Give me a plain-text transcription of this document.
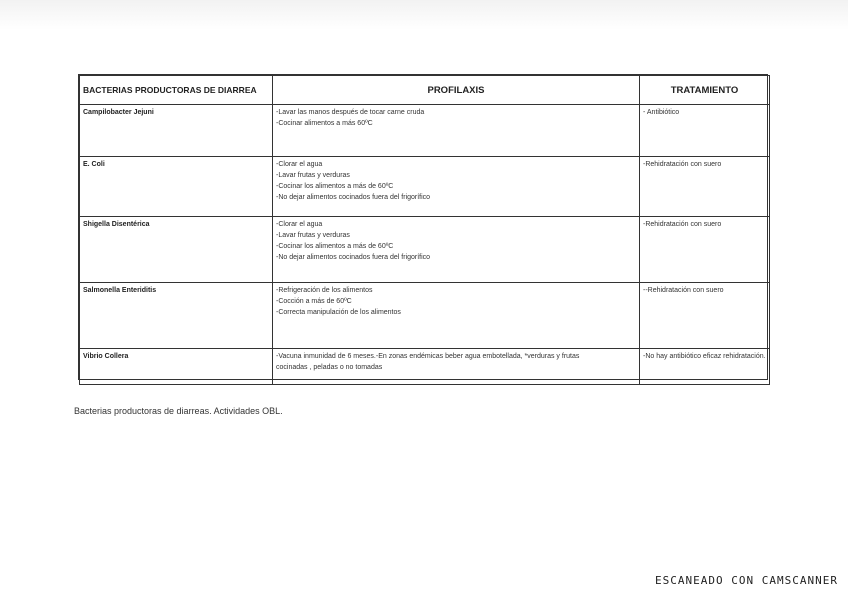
BACTERIAS PRODUCTORAS DE DIARREA	PROFILAXIS	TRATAMIENTO
Campilobacter Jejuni	-Lavar las manos después de tocar carne cruda
-Cocinar alimentos a más 60ºC	- Antibiótico
E. Coli	-Clorar el agua
-Lavar frutas y verduras
-Cocinar los alimentos a más de 60ºC
-No dejar alimentos cocinados fuera del frigorífico	-Rehidratación con suero
Shigella Disentérica	-Clorar el agua
-Lavar frutas y verduras
-Cocinar los alimentos a más de 60ºC
-No dejar alimentos cocinados fuera del frigorífico	-Rehidratación con suero
Salmonella Enteriditis	-Refrigeración de los alimentos
-Cocción a más de 60ºC
-Correcta manipulación de los alimentos	--Rehidratación con suero
Vibrio Collera	-Vacuna inmunidad de 6 meses.-En zonas endémicas beber agua embotellada, *verduras y frutas
cocinadas , peladas o no tomadas	-No hay antibiótico eficaz rehidratación.
Bacterias productoras de diarreas. Actividades OBL.
ESCANEADO CON CAMSCANNER
